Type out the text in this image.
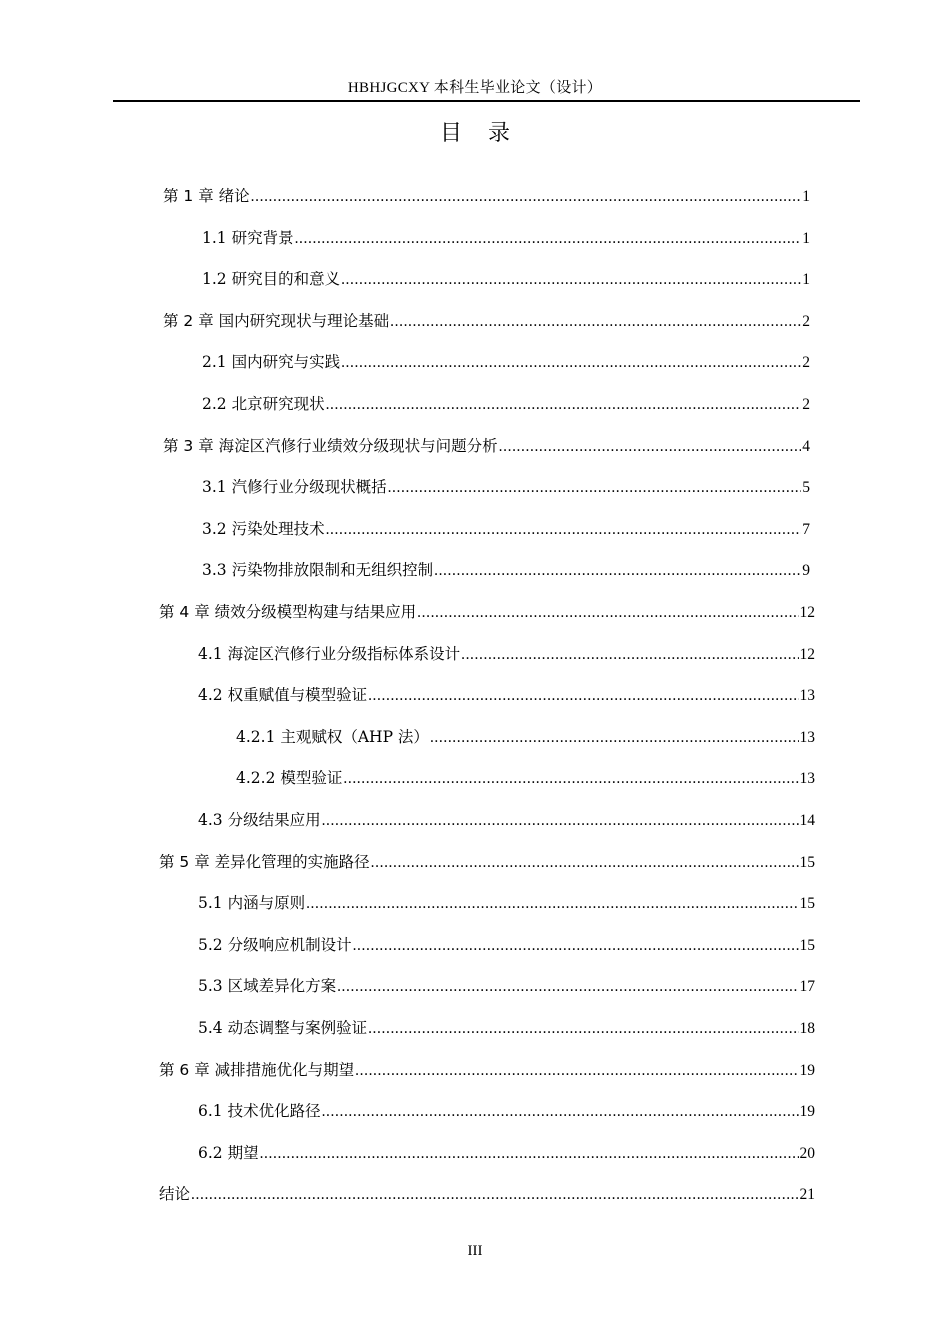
HBHJGCXY 本科生毕业论文（设计）
目录
第 1 章 绪论 .....	1
1.1 研究背景 .....	1
1.2 研究目的和意义 .....	1
第 2 章 国内研究现状与理论基础 .....	2
2.1 国内研究与实践 .....	2
2.2 北京研究现状 .....	2
第 3 章 海淀区汽修行业绩效分级现状与问题分析 .....	4
3.1 汽修行业分级现状概括 .....	5
3.2 污染处理技术 .....	7
3.3 污染物排放限制和无组织控制 .....	9
第 4 章 绩效分级模型构建与结果应用 .....	12
4.1 海淀区汽修行业分级指标体系设计 .....	12
4.2 权重赋值与模型验证 .....	13
4.2.1 主观赋权（AHP 法） .....	13
4.2.2 模型验证 .....	13
4.3 分级结果应用 .....	14
第 5 章 差异化管理的实施路径 .....	15
5.1 内涵与原则 .....	15
5.2 分级响应机制设计 .....	15
5.3 区域差异化方案 .....	17
5.4 动态调整与案例验证 .....	18
第 6 章 减排措施优化与期望 .....	19
6.1 技术优化路径 .....	19
6.2 期望 .....	20
结论 .....	21
III
